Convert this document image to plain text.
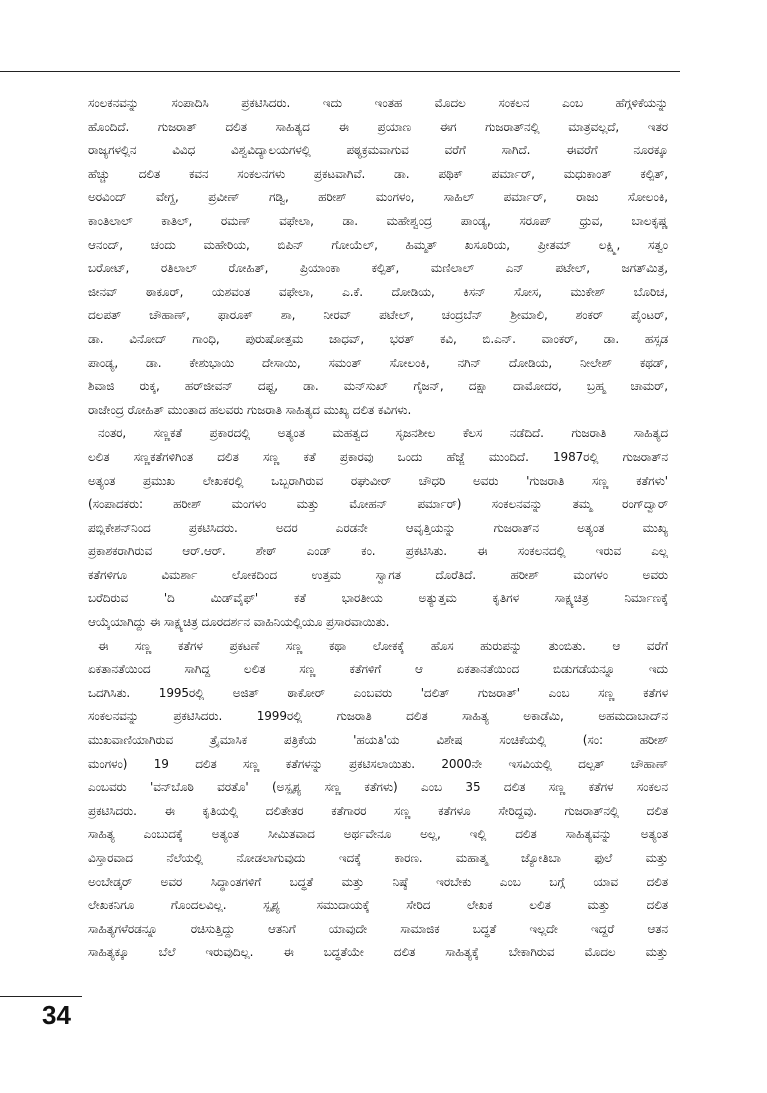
ಸಂಲಕನವನ್ನು ಸಂಪಾದಿಸಿ ಪ್ರಕಟಿಸಿದರು. ಇದು ಇಂತಹ ಮೊದಲ ಸಂಕಲನ ಎಂಬ ಹೆಗ್ಗಳಿಕೆಯನ್ನು
ಹೊಂದಿದೆ. ಗುಜರಾತ್ ದಲಿತ ಸಾಹಿತ್ಯದ ಈ ಪ್ರಯಾಣ ಈಗ ಗುಜರಾತ್‌ನಲ್ಲಿ ಮಾತ್ರವಲ್ಲದೆ, ಇತರ
ರಾಜ್ಯಗಳಲ್ಲಿನ ವಿವಿಧ ವಿಶ್ವವಿದ್ಯಾಲಯಗಳಲ್ಲಿ ಪಠ್ಯಕ್ರಮವಾಗುವ ವರೆಗೆ ಸಾಗಿದೆ. ಈವರೆಗೆ ನೂರಕ್ಕೂ
ಹೆಚ್ಚು ದಲಿತ ಕವನ ಸಂಕಲನಗಳು ಪ್ರಕಟವಾಗಿವೆ. ಡಾ. ಪಥಿಕ್ ಪರ್ಮಾರ್, ಮಧುಕಾಂತ್ ಕಲ್ಪಿತ್,
ಅರವಿಂದ್ ವೇಗ್ದ, ಪ್ರವೀಣ್ ಗಡ್ವಿ, ಹರೀಶ್ ಮಂಗಳಂ, ಸಾಹಿಲ್ ಪರ್ಮಾರ್, ರಾಜು ಸೋಲಂಕಿ,
ಕಾಂತಿಲಾಲ್ ಕಾತಿಲ್, ರಮಣ್ ವಫೇಲಾ, ಡಾ. ಮಹೇಶ್ವಂದ್ರ ಪಾಂಡ್ಯ, ಸರೂಪ್ ಧ್ರುವ, ಬಾಲಕೃಷ್ಣ
ಆನಂದ್, ಚಂದು ಮಹೇರಿಯ, ಬಿಪಿನ್ ಗೋಯೆಲ್, ಹಿಮ್ಮತ್ ಖಸೂರಿಯ, ಪ್ರೀತಮ್ ಲಕ್ಷ್ಮಿ, ಸತ್ವಂ
ಬರೋಟ್, ರತಿಲಾಲ್ ರೋಹಿತ್, ಪ್ರಿಯಾಂಕಾ ಕಲ್ಪಿತ್, ಮಣಿಲಾಲ್ ಎನ್ ಪಟೇಲ್, ಜಗತ್‌ಮಿತ್ರ,
ಜೀನವ್ ಠಾಕೂರ್, ಯಶವಂತ ವಫೇಲಾ, ಎ.ಕೆ. ದೋಡಿಯ, ಕಿಸನ್ ಸೋಸ, ಮುಕೇಶ್ ಬೊರಿಚ,
ದಲಪತ್ ಚೌಹಾಣ್, ಫಾರೂಕ್ ಶಾ, ನೀರವ್ ಪಟೇಲ್, ಚಂದ್ರಬೆನ್ ಶ್ರೀಮಾಲಿ, ಶಂಕರ್ ಪೈಂಟರ್,
ಡಾ. ವಿನೋದ್ ಗಾಂಧಿ, ಪುರುಷೋತ್ತಮ ಜಾಧವ್, ಭರತ್ ಕವಿ, ಬಿ.ಎನ್. ವಾಂಕರ್, ಡಾ. ಹಸ್ಸಡ
ಪಾಂಡ್ಯ, ಡಾ. ಕೇಶುಭಾಯಿ ದೇಸಾಯಿ, ಸಮಂತ್ ಸೋಲಂಕಿ, ನಗಿನ್ ದೋಡಿಯ, ನೀಲೇಶ್ ಕಥಡ್,
ಶಿವಾಜಿ ರುಕ್ಕ, ಹರ್‌ಜೀವನ್ ದಫ್ದ, ಡಾ. ಮನ್‌ಸುಖ್ ಗೈಜನ್, ದಕ್ಷಾ ದಾಮೋದರ, ಬ್ರಹ್ಮ ಚಾಮರ್,
ರಾಜೇಂದ್ರ ರೋಹಿತ್ ಮುಂತಾದ ಹಲವರು ಗುಜರಾತಿ ಸಾಹಿತ್ಯದ ಮುಖ್ಯ ದಲಿತ ಕವಿಗಳು.
ನಂತರ, ಸಣ್ಣಕತೆ ಪ್ರಕಾರದಲ್ಲಿ ಅತ್ಯಂತ ಮಹತ್ವದ ಸೃಜನಶೀಲ ಕೆಲಸ ನಡೆದಿದೆ. ಗುಜರಾತಿ ಸಾಹಿತ್ಯದ
ಲಲಿತ ಸಣ್ಣಕತೆಗಳಿಗಿಂತ ದಲಿತ ಸಣ್ಣ ಕತೆ ಪ್ರಕಾರವು ಒಂದು ಹೆಜ್ಜೆ ಮುಂದಿದೆ. 1987ರಲ್ಲಿ ಗುಜರಾತ್‌ನ
ಅತ್ಯಂತ ಪ್ರಮುಖ ಲೇಖಕರಲ್ಲಿ ಒಬ್ಬರಾಗಿರುವ ರಘುವೀರ್ ಚೌಧರಿ ಅವರು 'ಗುಜರಾತಿ ಸಣ್ಣ ಕತೆಗಳು'
(ಸಂಪಾದಕರು: ಹರೀಶ್ ಮಂಗಳಂ ಮತ್ತು ಮೋಹನ್ ಪರ್ಮಾರ್) ಸಂಕಲನವನ್ನು ತಮ್ಮ ರಂಗ್‌ದ್ವಾರ್
ಪಬ್ಲಿಕೇಶನ್‌ನಿಂದ ಪ್ರಕಟಿಸಿದರು. ಅದರ ಎರಡನೇ ಆವೃತ್ತಿಯನ್ನು ಗುಜರಾತ್‌ನ ಅತ್ಯಂತ ಮುಖ್ಯ
ಪ್ರಕಾಶಕರಾಗಿರುವ ಆರ್.ಆರ್. ಶೇಠ್ ಎಂಡ್ ಕಂ. ಪ್ರಕಟಿಸಿತು. ಈ ಸಂಕಲನದಲ್ಲಿ ಇರುವ ಎಲ್ಲ
ಕತೆಗಳಿಗೂ ವಿಮರ್ಶಾ ಲೋಕದಿಂದ ಉತ್ತಮ ಸ್ವಾಗತ ದೊರೆತಿದೆ. ಹರೀಶ್ ಮಂಗಳಂ ಅವರು
ಬರೆದಿರುವ 'ದಿ ಮಿಡ್‌ವೈಫ್' ಕತೆ ಭಾರತೀಯ ಅತ್ಯುತ್ತಮ ಕೃತಿಗಳ ಸಾಕ್ಷ್ಯಚಿತ್ರ ನಿರ್ಮಾಣಕ್ಕೆ
ಆಯ್ಕೆಯಾಗಿದ್ದು ಈ ಸಾಕ್ಷ್ಯಚಿತ್ರ ದೂರದರ್ಶನ ವಾಹಿನಿಯಲ್ಲಿಯೂ ಪ್ರಸಾರವಾಯಿತು.
ಈ ಸಣ್ಣ ಕತೆಗಳ ಪ್ರಕಟಣೆ ಸಣ್ಣ ಕಥಾ ಲೋಕಕ್ಕೆ ಹೊಸ ಹುರುಪನ್ನು ತುಂಬಿತು. ಆ ವರೆಗೆ
ಏಕತಾನತೆಯಿಂದ ಸಾಗಿದ್ದ ಲಲಿತ ಸಣ್ಣ ಕತೆಗಳಿಗೆ ಆ ಏಕತಾನತೆಯಿಂದ ಬಿಡುಗಡೆಯನ್ನೂ ಇದು
ಒದಗಿಸಿತು. 1995ರಲ್ಲಿ ಅಜಿತ್ ಠಾಕೋರ್ ಎಂಬವರು 'ದಲಿತ್ ಗುಜರಾತ್' ಎಂಬ ಸಣ್ಣ ಕತೆಗಳ
ಸಂಕಲನವನ್ನು ಪ್ರಕಟಿಸಿದರು. 1999ರಲ್ಲಿ ಗುಜರಾತಿ ದಲಿತ ಸಾಹಿತ್ಯ ಅಕಾಡೆಮಿ, ಅಹಮದಾಬಾದ್‌ನ
ಮುಖವಾಣಿಯಾಗಿರುವ ತ್ರೈಮಾಸಿಕ ಪತ್ರಿಕೆಯ 'ಹಯತಿ'ಯ ವಿಶೇಷ ಸಂಚಿಕೆಯಲ್ಲಿ (ಸಂ: ಹರೀಶ್
ಮಂಗಳಂ) 19 ದಲಿತ ಸಣ್ಣ ಕತೆಗಳನ್ನು ಪ್ರಕಟಿಸಲಾಯಿತು. 2000ನೇ ಇಸವಿಯಲ್ಲಿ ದಲ್ಪತ್ ಚೌಹಾಣ್
ಎಂಬವರು 'ವನ್‌ಬೊಠಿ ವರತೊ' (ಅಸ್ಪೃಶ್ಯ ಸಣ್ಣ ಕತೆಗಳು) ಎಂಬ 35 ದಲಿತ ಸಣ್ಣ ಕತೆಗಳ ಸಂಕಲನ
ಪ್ರಕಟಿಸಿದರು. ಈ ಕೃತಿಯಲ್ಲಿ ದಲಿತೇತರ ಕತೆಗಾರರ ಸಣ್ಣ ಕತೆಗಳೂ ಸೇರಿದ್ದವು. ಗುಜರಾತ್‌ನಲ್ಲಿ ದಲಿತ
ಸಾಹಿತ್ಯ ಎಂಬುದಕ್ಕೆ ಅತ್ಯಂತ ಸೀಮಿತವಾದ ಅರ್ಥವೇನೂ ಅಲ್ಲ, ಇಲ್ಲಿ ದಲಿತ ಸಾಹಿತ್ಯವನ್ನು ಅತ್ಯಂತ
ವಿಸ್ತಾರವಾದ ನೆಲೆಯಲ್ಲಿ ನೋಡಲಾಗುವುದು ಇದಕ್ಕೆ ಕಾರಣ. ಮಹಾತ್ಮ ಜ್ಯೋತಿಬಾ ಫುಲೆ ಮತ್ತು
ಅಂಬೇಡ್ಕರ್ ಅವರ ಸಿದ್ಧಾಂತಗಳಿಗೆ ಬದ್ಧತೆ ಮತ್ತು ನಿಷ್ಠೆ ಇರಬೇಕು ಎಂಬ ಬಗ್ಗೆ ಯಾವ ದಲಿತ
ಲೇಖಕನಿಗೂ ಗೊಂದಲವಿಲ್ಲ. ಸ್ಪೃಶ್ಯ ಸಮುದಾಯಕ್ಕೆ ಸೇರಿದ ಲೇಖಕ ಲಲಿತ ಮತ್ತು ದಲಿತ
ಸಾಹಿತ್ಯಗಳೆರಡನ್ನೂ ರಚಿಸುತ್ತಿದ್ದು ಆತನಿಗೆ ಯಾವುದೇ ಸಾಮಾಜಿಕ ಬದ್ಧತೆ ಇಲ್ಲದೇ ಇದ್ದರೆ ಆತನ
ಸಾಹಿತ್ಯಕ್ಕೂ ಬೆಲೆ ಇರುವುದಿಲ್ಲ. ಈ ಬದ್ಧತೆಯೇ ದಲಿತ ಸಾಹಿತ್ಯಕ್ಕೆ ಬೇಕಾಗಿರುವ ಮೊದಲ ಮತ್ತು
34
